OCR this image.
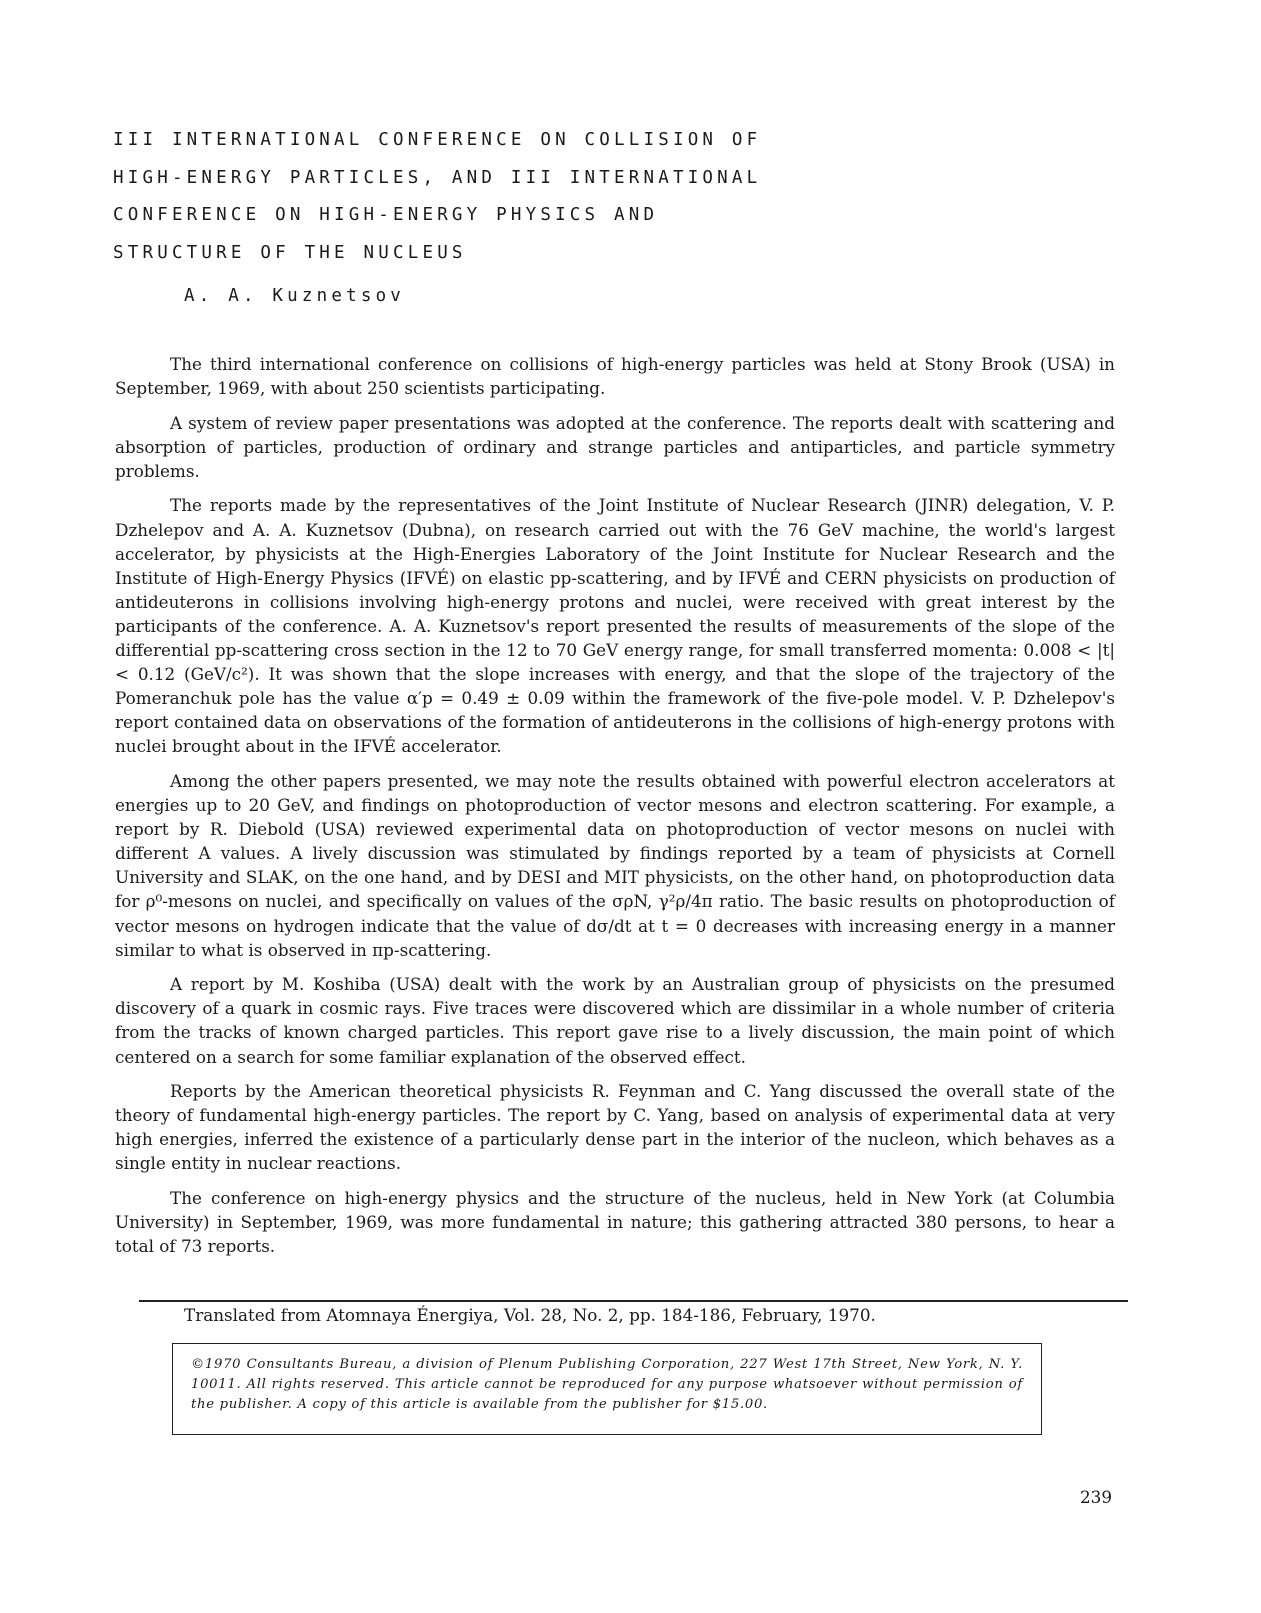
III INTERNATIONAL CONFERENCE ON COLLISION OF
HIGH-ENERGY PARTICLES, AND III INTERNATIONAL
CONFERENCE ON HIGH-ENERGY PHYSICS AND
STRUCTURE OF THE NUCLEUS
A. A. Kuznetsov

The third international conference on collisions of high-energy particles was held at Stony Brook (USA) in September, 1969, with about 250 scientists participating.

A system of review paper presentations was adopted at the conference. The reports dealt with scattering and absorption of particles, production of ordinary and strange particles and antiparticles, and particle symmetry problems.

The reports made by the representatives of the Joint Institute of Nuclear Research (JINR) delegation, V. P. Dzhelepov and A. A. Kuznetsov (Dubna), on research carried out with the 76 GeV machine, the world's largest accelerator, by physicists at the High-Energies Laboratory of the Joint Institute for Nuclear Research and the Institute of High-Energy Physics (IFVÉ) on elastic pp-scattering, and by IFVÉ and CERN physicists on production of antideuterons in collisions involving high-energy protons and nuclei, were received with great interest by the participants of the conference. A. A. Kuznetsov's report presented the results of measurements of the slope of the differential pp-scattering cross section in the 12 to 70 GeV energy range, for small transferred momenta: 0.008 < |t| < 0.12 (GeV/c²). It was shown that the slope increases with energy, and that the slope of the trajectory of the Pomeranchuk pole has the value α′p = 0.49 ± 0.09 within the framework of the five-pole model. V. P. Dzhelepov's report contained data on observations of the formation of antideuterons in the collisions of high-energy protons with nuclei brought about in the IFVÉ accelerator.

Among the other papers presented, we may note the results obtained with powerful electron accelerators at energies up to 20 GeV, and findings on photoproduction of vector mesons and electron scattering. For example, a report by R. Diebold (USA) reviewed experimental data on photoproduction of vector mesons on nuclei with different A values. A lively discussion was stimulated by findings reported by a team of physicists at Cornell University and SLAK, on the one hand, and by DESI and MIT physicists, on the other hand, on photoproduction data for ρ⁰-mesons on nuclei, and specifically on values of the σρN, γ²ρ/4π ratio. The basic results on photoproduction of vector mesons on hydrogen indicate that the value of dσ/dt at t = 0 decreases with increasing energy in a manner similar to what is observed in πp-scattering.

A report by M. Koshiba (USA) dealt with the work by an Australian group of physicists on the presumed discovery of a quark in cosmic rays. Five traces were discovered which are dissimilar in a whole number of criteria from the tracks of known charged particles. This report gave rise to a lively discussion, the main point of which centered on a search for some familiar explanation of the observed effect.

Reports by the American theoretical physicists R. Feynman and C. Yang discussed the overall state of the theory of fundamental high-energy particles. The report by C. Yang, based on analysis of experimental data at very high energies, inferred the existence of a particularly dense part in the interior of the nucleon, which behaves as a single entity in nuclear reactions.

The conference on high-energy physics and the structure of the nucleus, held in New York (at Columbia University) in September, 1969, was more fundamental in nature; this gathering attracted 380 persons, to hear a total of 73 reports.

Translated from Atomnaya Énergiya, Vol. 28, No. 2, pp. 184-186, February, 1970.
©1970 Consultants Bureau, a division of Plenum Publishing Corporation, 227 West 17th Street, New York, N. Y. 10011. All rights reserved. This article cannot be reproduced for any purpose whatsoever without permission of the publisher. A copy of this article is available from the publisher for $15.00.
239
